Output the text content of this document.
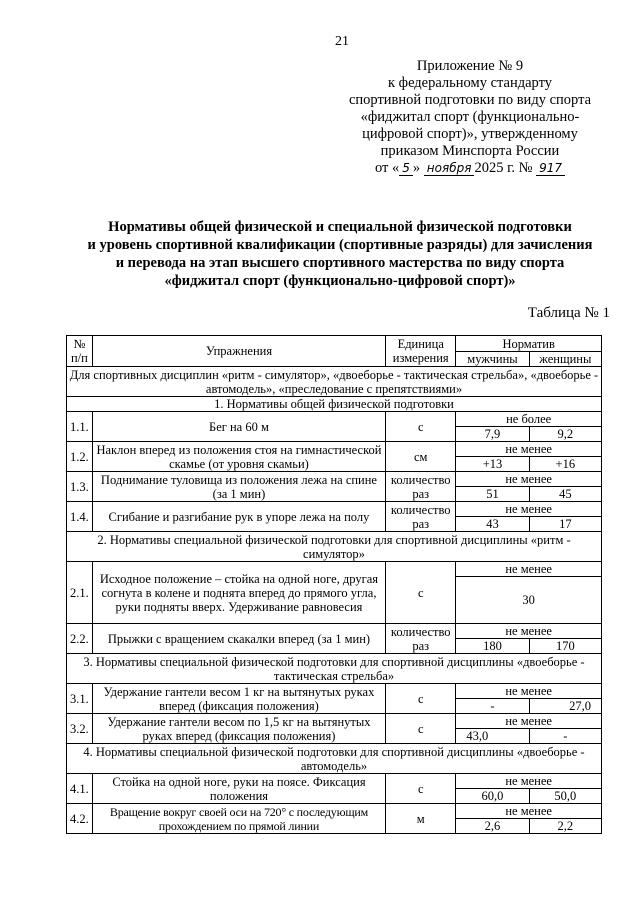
21
Приложение № 9
к федеральному стандарту
спортивной подготовки по виду спорта
«фиджитал спорт (функционально-
цифровой спорт)», утвержденному
приказом Минспорта России
от « 5 » ноября 2025 г. № 917
Нормативы общей физической и специальной физической подготовки
и уровень спортивной квалификации (спортивные разряды) для зачисления
и перевода на этап высшего спортивного мастерства по виду спорта
«фиджитал спорт (функционально-цифровой спорт)»
Таблица № 1
№ п/п	Упражнения	Единица измерения	Норматив	
			мужчины	женщины
Для спортивных дисциплин «ритм - симулятор», «двоеборье - тактическая стрельба», «двоеборье - автомодель», «преследование с препятствиями»				
1. Нормативы общей физической подготовки				
1.1.	Бег на 60 м	с	не более	
			7,9	9,2
1.2.	Наклон вперед из положения стоя на гимнастической скамье (от уровня скамьи)	см	не менее	
			+13	+16
1.3.	Поднимание туловища из положения лежа на спине (за 1 мин)	количество раз	не менее	
			51	45
1.4.	Сгибание и разгибание рук в упоре лежа на полу	количество раз	не менее	
			43	17
2. Нормативы специальной физической подготовки для спортивной дисциплины «ритм - симулятор»				
2.1.	Исходное положение – стойка на одной ноге, другая согнута в колене и поднята вперед до прямого угла, руки подняты вверх. Удерживание равновесия	с	не менее	
			30	
2.2.	Прыжки с вращением скакалки вперед (за 1 мин)	количество раз	не менее	
			180	170
3. Нормативы специальной физической подготовки для спортивной дисциплины «двоеборье - тактическая стрельба»				
3.1.	Удержание гантели весом 1 кг на вытянутых руках вперед (фиксация положения)	с	не менее	
			-	27,0
3.2.	Удержание гантели весом по 1,5 кг на вытянутых руках вперед (фиксация положения)	с	не менее	
			43,0	-
4. Нормативы специальной физической подготовки для спортивной дисциплины «двоеборье - автомодель»				
4.1.	Стойка на одной ноге, руки на поясе. Фиксация положения	с	не менее	
			60,0	50,0
4.2.	Вращение вокруг своей оси на 720° с последующим прохождением по прямой линии	м	не менее	
			2,6	2,2
